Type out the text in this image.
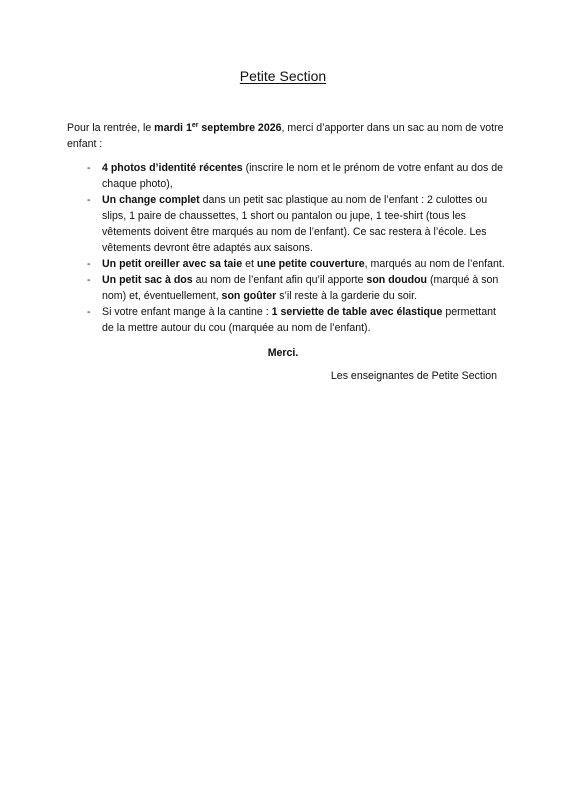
Petite Section
Pour la rentrée, le mardi 1er septembre 2026, merci d’apporter dans un sac au nom de votre enfant :
- 4 photos d’identité récentes (inscrire le nom et le prénom de votre enfant au dos de chaque photo),
- Un change complet dans un petit sac plastique au nom de l’enfant : 2 culottes ou slips, 1 paire de chaussettes, 1 short ou pantalon ou jupe, 1 tee-shirt (tous les vêtements doivent être marqués au nom de l’enfant). Ce sac restera à l’école. Les vêtements devront être adaptés aux saisons.
- Un petit oreiller avec sa taie et une petite couverture, marqués au nom de l’enfant.
- Un petit sac à dos au nom de l’enfant afin qu’il apporte son doudou (marqué à son nom) et, éventuellement, son goûter s’il reste à la garderie du soir.
- Si votre enfant mange à la cantine : 1 serviette de table avec élastique permettant de la mettre autour du cou (marquée au nom de l’enfant).
Merci.
Les enseignantes de Petite Section
